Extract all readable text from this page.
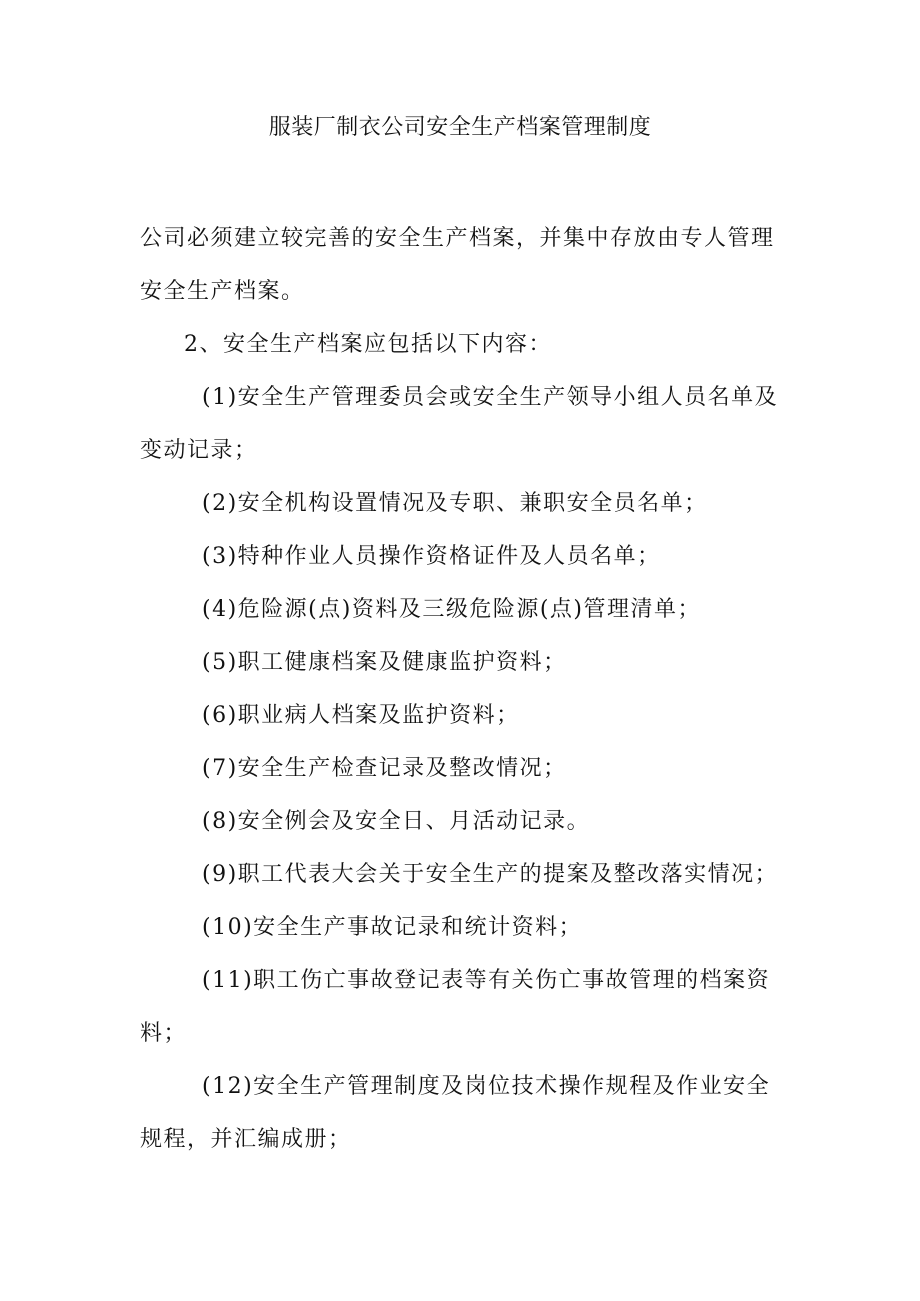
服装厂制衣公司安全生产档案管理制度

公司必须建立较完善的安全生产档案，并集中存放由专人管理安全生产档案。

2、安全生产档案应包括以下内容：

(1)安全生产管理委员会或安全生产领导小组人员名单及变动记录；

(2)安全机构设置情况及专职、兼职安全员名单；

(3)特种作业人员操作资格证件及人员名单；

(4)危险源(点)资料及三级危险源(点)管理清单；

(5)职工健康档案及健康监护资料；

(6)职业病人档案及监护资料；

(7)安全生产检查记录及整改情况；

(8)安全例会及安全日、月活动记录。

(9)职工代表大会关于安全生产的提案及整改落实情况；

(10)安全生产事故记录和统计资料；

(11)职工伤亡事故登记表等有关伤亡事故管理的档案资料；

(12)安全生产管理制度及岗位技术操作规程及作业安全规程，并汇编成册；
